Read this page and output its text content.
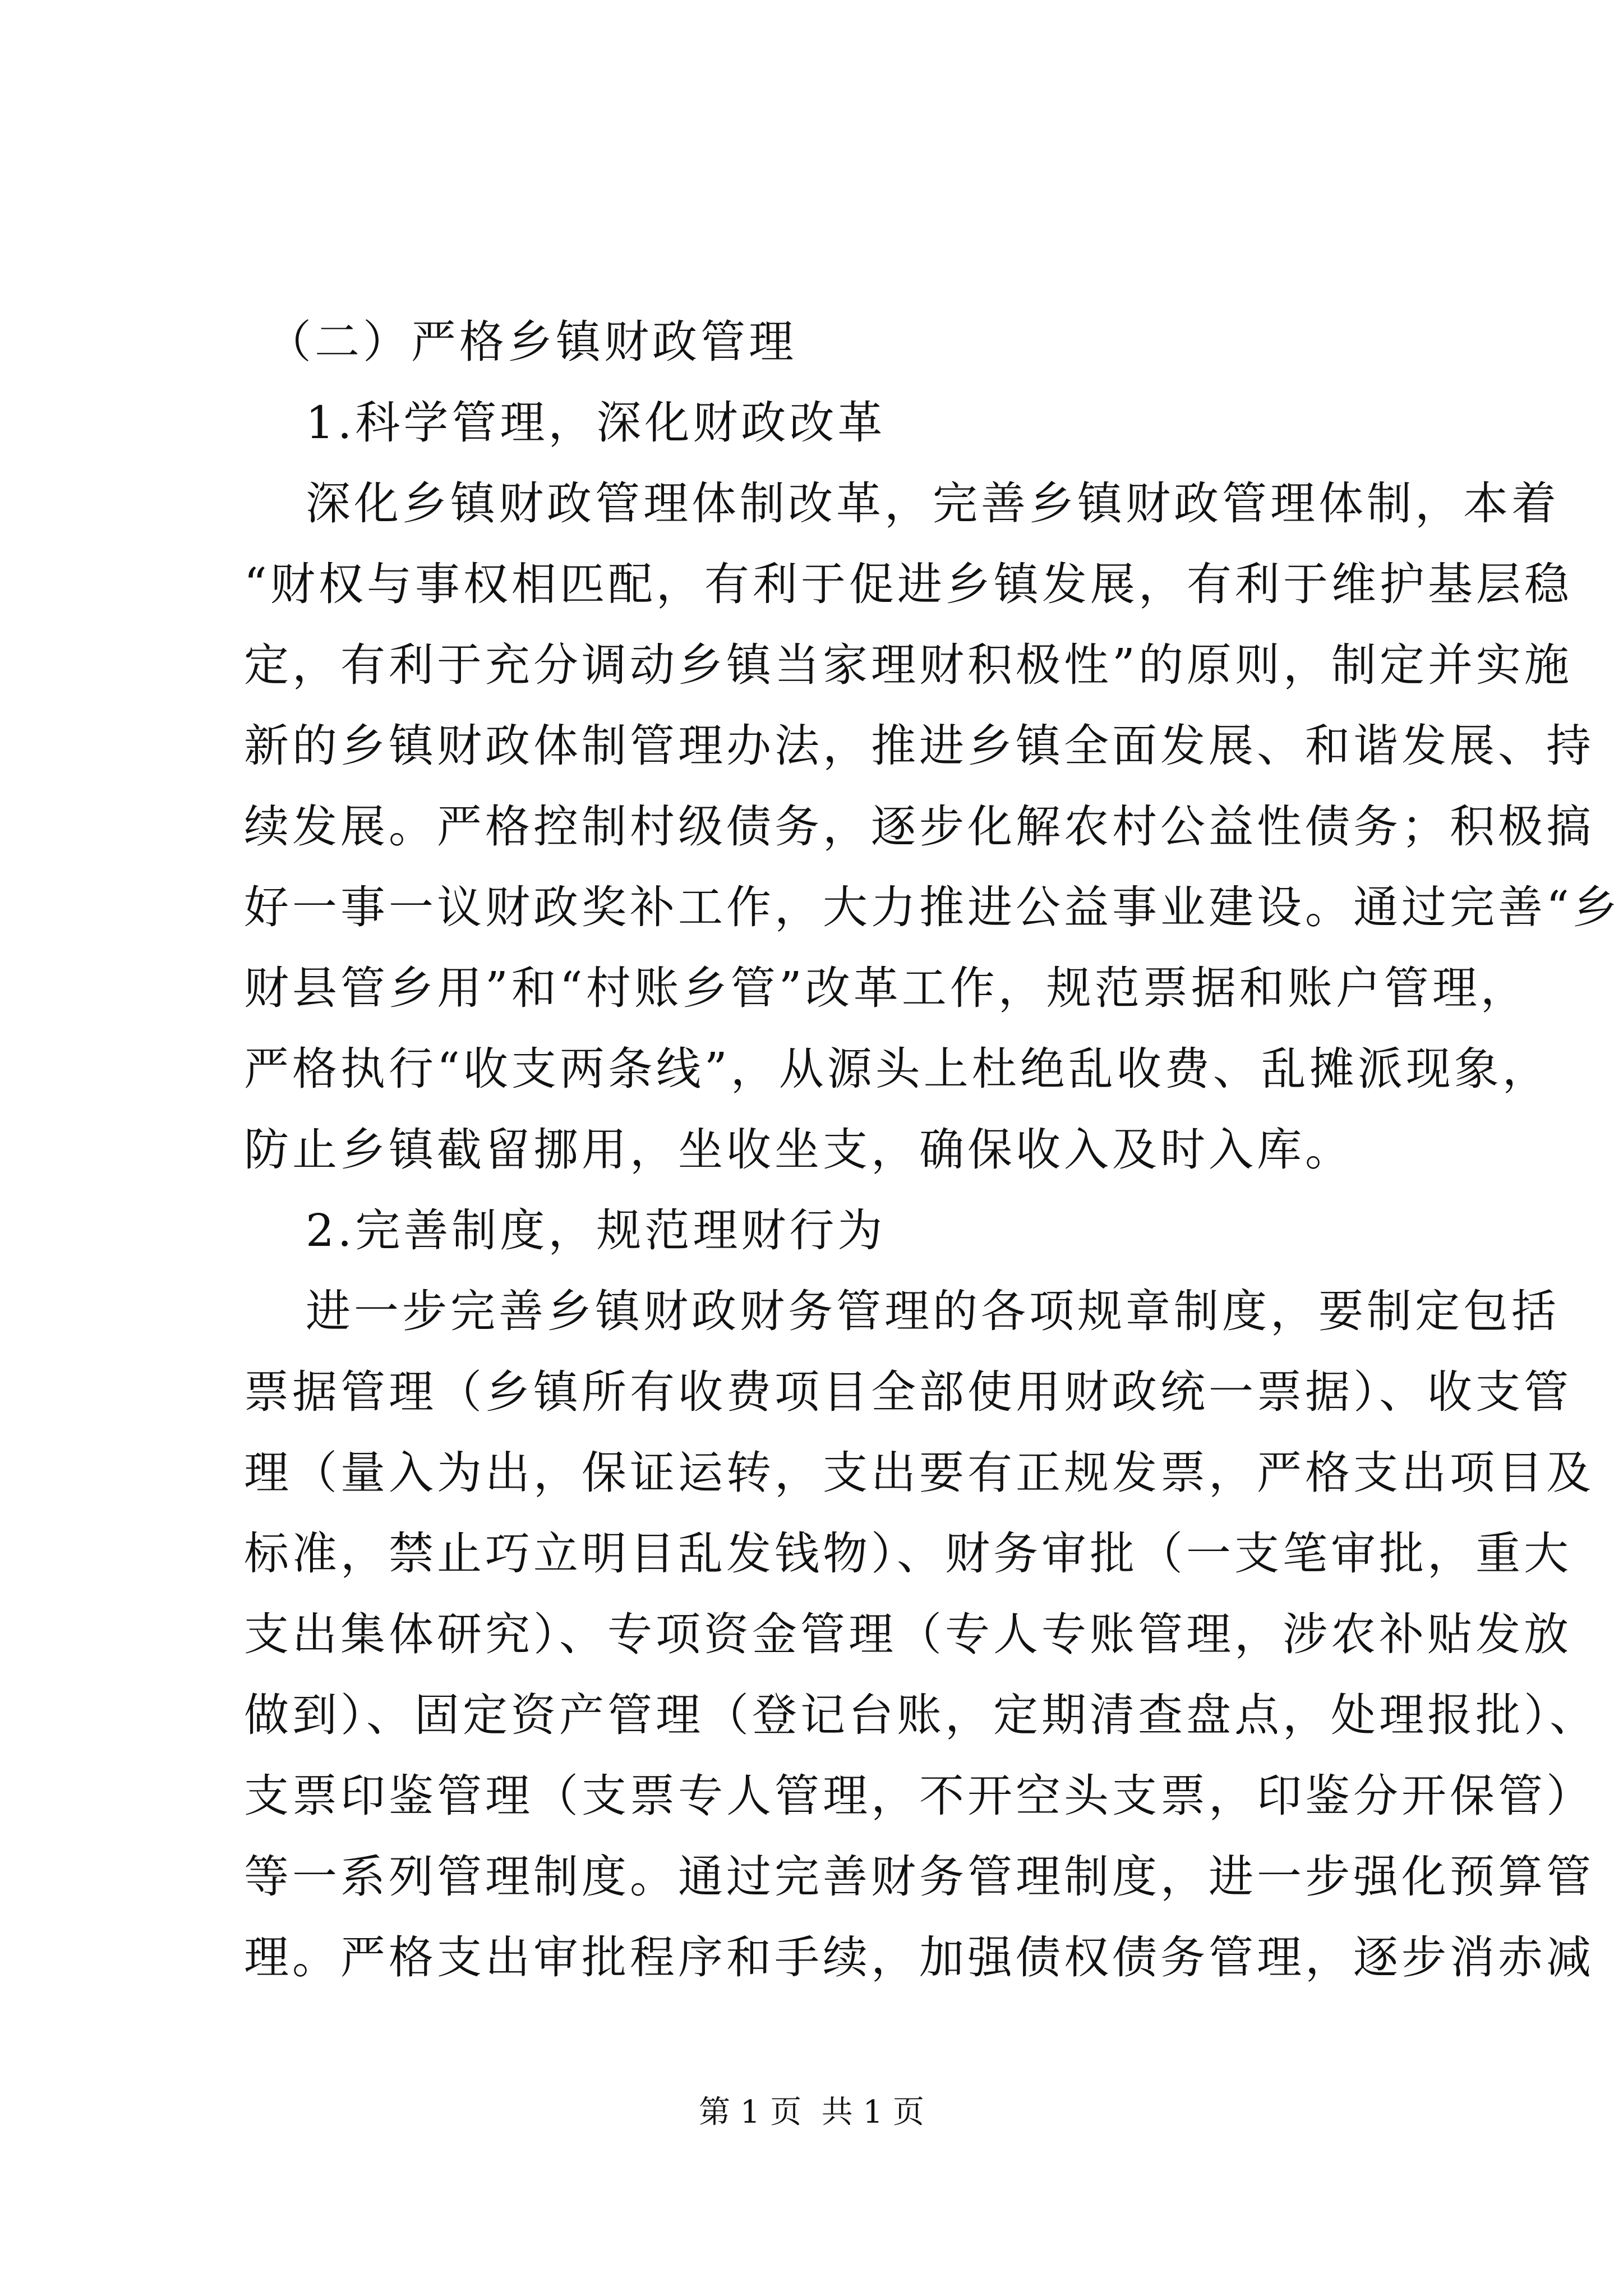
（二）严格乡镇财政管理
1.科学管理，深化财政改革
深化乡镇财政管理体制改革，完善乡镇财政管理体制，本着
“财权与事权相匹配，有利于促进乡镇发展，有利于维护基层稳
定，有利于充分调动乡镇当家理财积极性”的原则，制定并实施
新的乡镇财政体制管理办法，推进乡镇全面发展、和谐发展、持
续发展。严格控制村级债务，逐步化解农村公益性债务；积极搞
好一事一议财政奖补工作，大力推进公益事业建设。通过完善“乡
财县管乡用”和“村账乡管”改革工作，规范票据和账户管理，
严格执行“收支两条线”，从源头上杜绝乱收费、乱摊派现象，
防止乡镇截留挪用，坐收坐支，确保收入及时入库。
2.完善制度，规范理财行为
进一步完善乡镇财政财务管理的各项规章制度，要制定包括
票据管理（乡镇所有收费项目全部使用财政统一票据）、收支管
理（量入为出，保证运转，支出要有正规发票，严格支出项目及
标准，禁止巧立明目乱发钱物）、财务审批（一支笔审批，重大
支出集体研究）、专项资金管理（专人专账管理，涉农补贴发放
做到）、固定资产管理（登记台账，定期清查盘点，处理报批）、
支票印鉴管理（支票专人管理，不开空头支票，印鉴分开保管）
等一系列管理制度。通过完善财务管理制度，进一步强化预算管
理。严格支出审批程序和手续，加强债权债务管理，逐步消赤减
第 1 页  共 1 页
